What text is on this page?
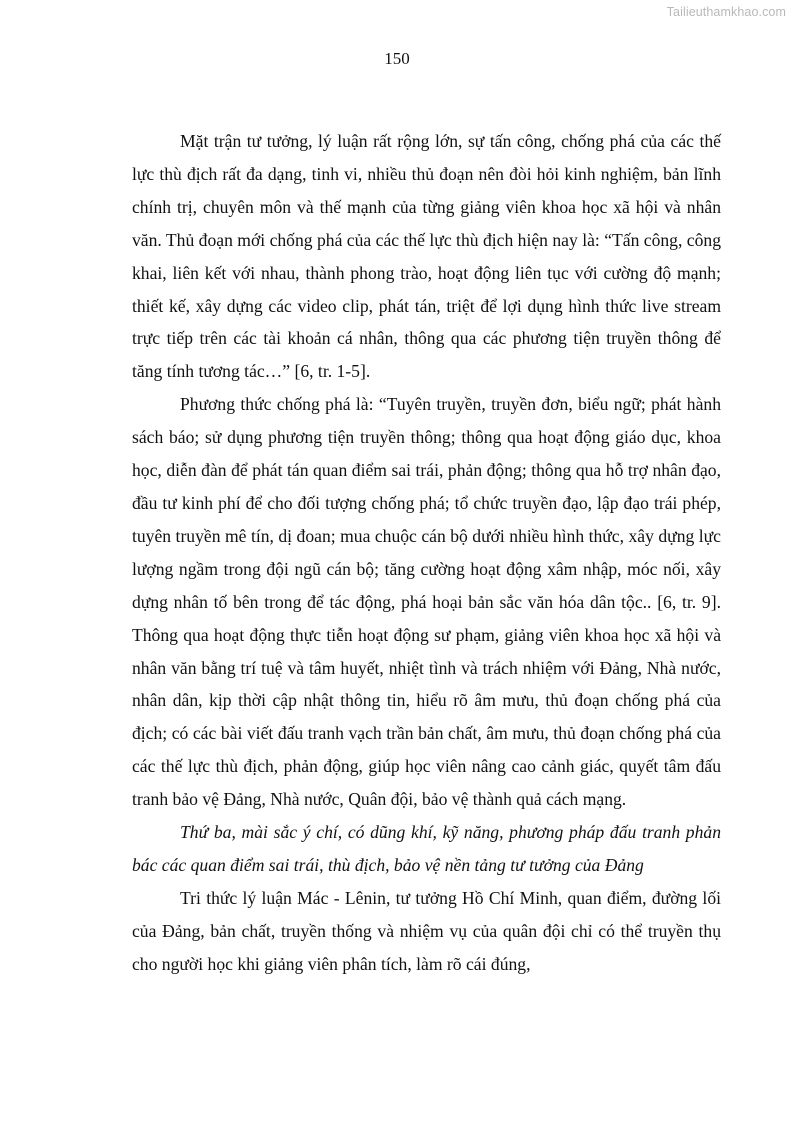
Tailieuthamkhao.com
150

Mặt trận tư tưởng, lý luận rất rộng lớn, sự tấn công, chống phá của các thế lực thù địch rất đa dạng, tinh vi, nhiều thủ đoạn nên đòi hỏi kinh nghiệm, bản lĩnh chính trị, chuyên môn và thế mạnh của từng giảng viên khoa học xã hội và nhân văn. Thủ đoạn mới chống phá của các thế lực thù địch hiện nay là: “Tấn công, công khai, liên kết với nhau, thành phong trào, hoạt động liên tục với cường độ mạnh; thiết kế, xây dựng các video clip, phát tán, triệt để lợi dụng hình thức live stream trực tiếp trên các tài khoản cá nhân, thông qua các phương tiện truyền thông để tăng tính tương tác…” [6, tr. 1-5].

Phương thức chống phá là: “Tuyên truyền, truyền đơn, biểu ngữ; phát hành sách báo; sử dụng phương tiện truyền thông; thông qua hoạt động giáo dục, khoa học, diễn đàn để phát tán quan điểm sai trái, phản động; thông qua hỗ trợ nhân đạo, đầu tư kinh phí để cho đối tượng chống phá; tổ chức truyền đạo, lập đạo trái phép, tuyên truyền mê tín, dị đoan; mua chuộc cán bộ dưới nhiều hình thức, xây dựng lực lượng ngầm trong đội ngũ cán bộ; tăng cường hoạt động xâm nhập, móc nối, xây dựng nhân tố bên trong để tác động, phá hoại bản sắc văn hóa dân tộc.. [6, tr. 9]. Thông qua hoạt động thực tiễn hoạt động sư phạm, giảng viên khoa học xã hội và nhân văn bằng trí tuệ và tâm huyết, nhiệt tình và trách nhiệm với Đảng, Nhà nước, nhân dân, kịp thời cập nhật thông tin, hiểu rõ âm mưu, thủ đoạn chống phá của địch; có các bài viết đấu tranh vạch trần bản chất, âm mưu, thủ đoạn chống phá của các thế lực thù địch, phản động, giúp học viên nâng cao cảnh giác, quyết tâm đấu tranh bảo vệ Đảng, Nhà nước, Quân đội, bảo vệ thành quả cách mạng.

Thứ ba, mài sắc ý chí, có dũng khí, kỹ năng, phương pháp đấu tranh phản bác các quan điểm sai trái, thù địch, bảo vệ nền tảng tư tưởng của Đảng

Tri thức lý luận Mác - Lênin, tư tưởng Hồ Chí Minh, quan điểm, đường lối của Đảng, bản chất, truyền thống và nhiệm vụ của quân đội chỉ có thể truyền thụ cho người học khi giảng viên phân tích, làm rõ cái đúng,
